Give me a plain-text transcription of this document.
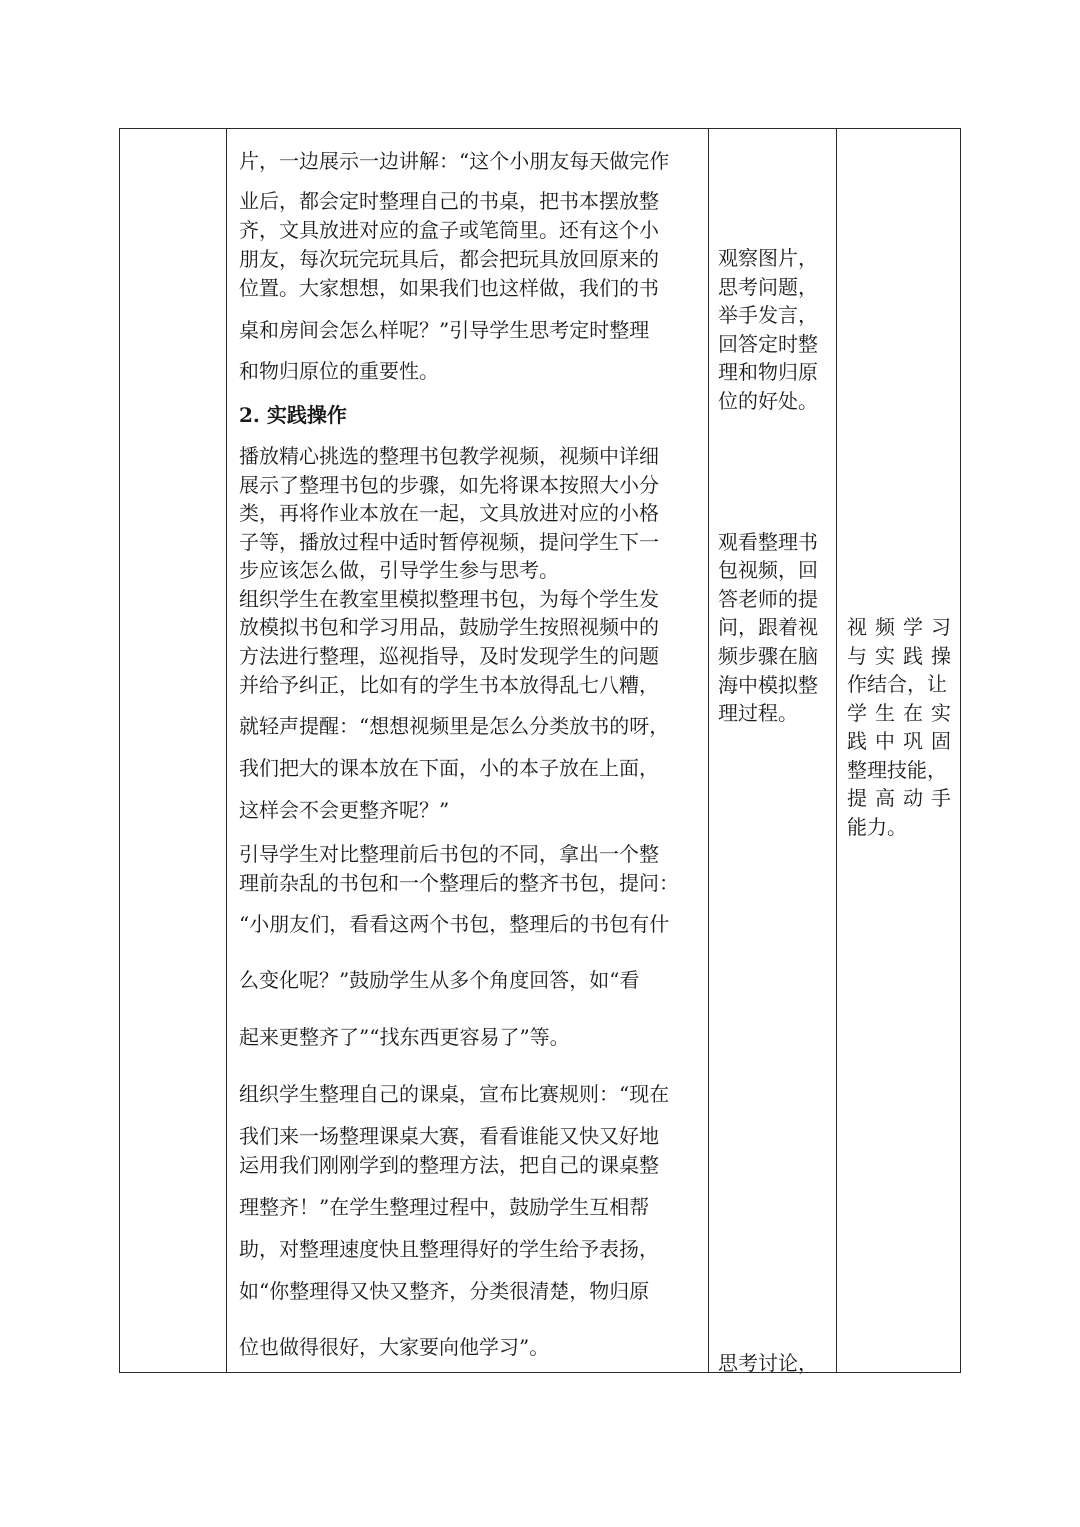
片，一边展示一边讲解：“这个小朋友每天做完作
业后，都会定时整理自己的书桌，把书本摆放整
齐，文具放进对应的盒子或笔筒里。还有这个小
朋友，每次玩完玩具后，都会把玩具放回原来的
位置。大家想想，如果我们也这样做，我们的书
桌和房间会怎么样呢？”引导学生思考定时整理
和物归原位的重要性。
2. 实践操作
播放精心挑选的整理书包教学视频，视频中详细
展示了整理书包的步骤，如先将课本按照大小分
类，再将作业本放在一起，文具放进对应的小格
子等，播放过程中适时暂停视频，提问学生下一
步应该怎么做，引导学生参与思考。
组织学生在教室里模拟整理书包，为每个学生发
放模拟书包和学习用品，鼓励学生按照视频中的
方法进行整理，巡视指导，及时发现学生的问题
并给予纠正，比如有的学生书本放得乱七八糟，
就轻声提醒：“想想视频里是怎么分类放书的呀，
我们把大的课本放在下面，小的本子放在上面，
这样会不会更整齐呢？”
引导学生对比整理前后书包的不同，拿出一个整
理前杂乱的书包和一个整理后的整齐书包，提问：
“小朋友们，看看这两个书包，整理后的书包有什
么变化呢？”鼓励学生从多个角度回答，如“看
起来更整齐了”“找东西更容易了”等。
组织学生整理自己的课桌，宣布比赛规则：“现在
我们来一场整理课桌大赛，看看谁能又快又好地
运用我们刚刚学到的整理方法，把自己的课桌整
理整齐！”在学生整理过程中，鼓励学生互相帮
助，对整理速度快且整理得好的学生给予表扬，
如“你整理得又快又整齐，分类很清楚，物归原
位也做得很好，大家要向他学习”。
观察图片，
思考问题，
举手发言，
回答定时整
理和物归原
位的好处。
观看整理书
包视频，回
答老师的提
问，跟着视
频步骤在脑
海中模拟整
理过程。
思考讨论，
视频学习
与实践操
作结合，让
学生在实
践中巩固
整理技能，
提高动手
能力。
